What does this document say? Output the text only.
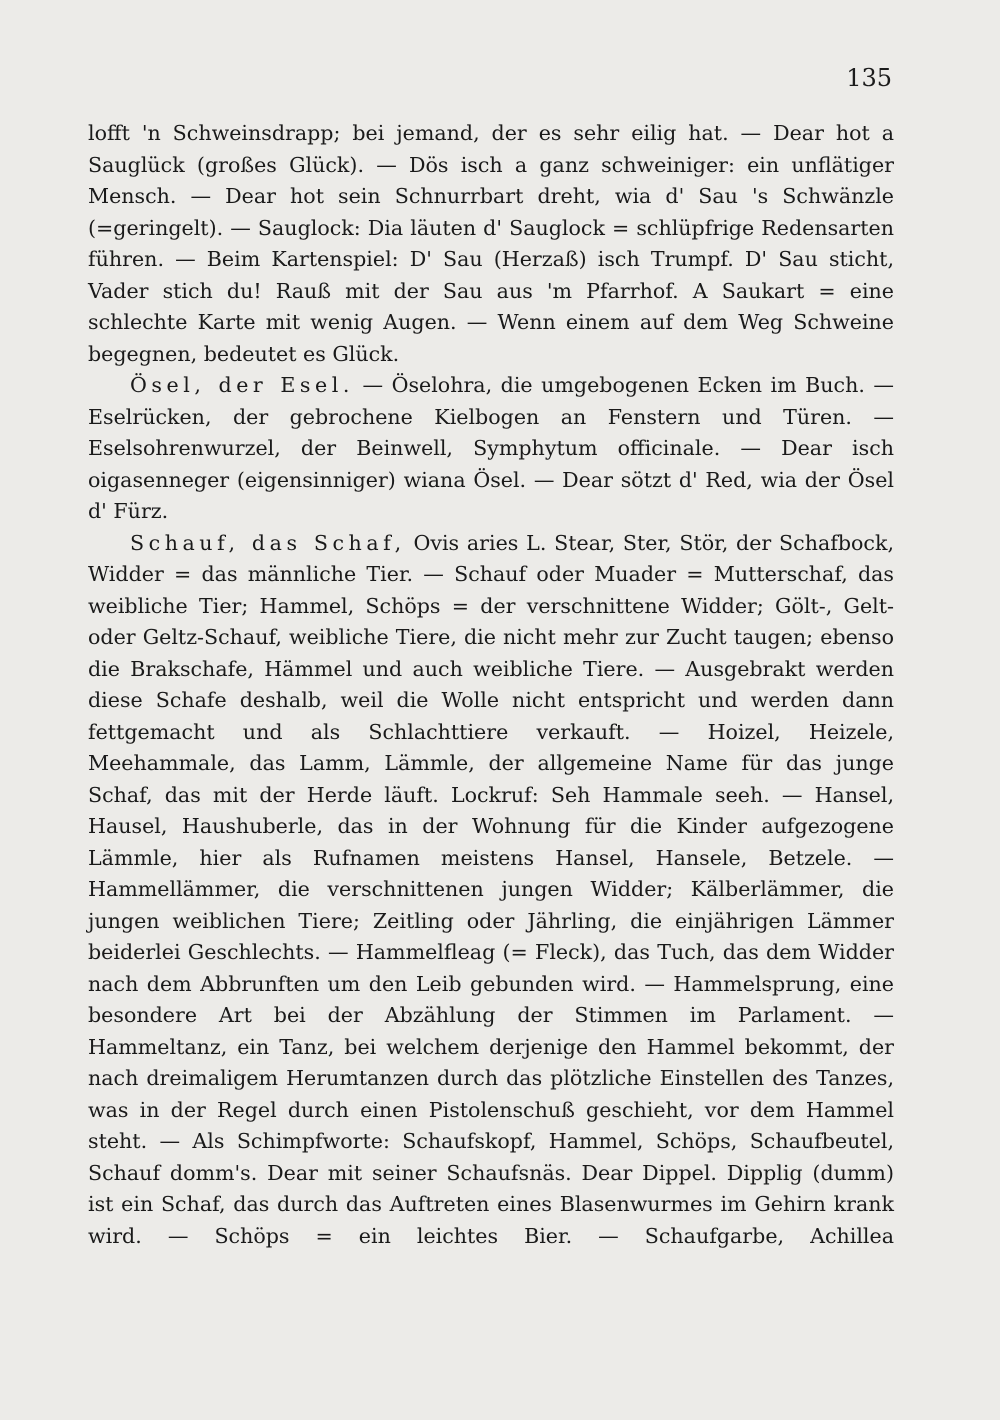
135

lofft 'n Schweinsdrapp; bei jemand, der es sehr eilig hat. — Dear hot a Sauglück (großes Glück). — Dös isch a ganz schweiniger: ein unflätiger Mensch. — Dear hot sein Schnurrbart dreht, wia d' Sau 's Schwänzle (=geringelt). — Sauglock: Dia läuten d' Sauglock = schlüpfrige Redensarten führen. — Beim Kartenspiel: D' Sau (Herzaß) isch Trumpf. D' Sau sticht, Vader stich du! Rauß mit der Sau aus 'm Pfarrhof. A Saukart = eine schlechte Karte mit wenig Augen. — Wenn einem auf dem Weg Schweine begegnen, bedeutet es Glück.

Ösel, der Esel. — Öselohra, die umgebogenen Ecken im Buch. — Eselrücken, der gebrochene Kielbogen an Fenstern und Türen. — Eselsohrenwurzel, der Beinwell, Symphytum officinale. — Dear isch oigasenneger (eigensinniger) wiana Ösel. — Dear sötzt d' Red, wia der Ösel d' Fürz.

Schauf, das Schaf, Ovis aries L. Stear, Ster, Stör, der Schafbock, Widder = das männliche Tier. — Schauf oder Muader = Mutterschaf, das weibliche Tier; Hammel, Schöps = der verschnittene Widder; Gölt-, Gelt- oder Geltz-Schauf, weibliche Tiere, die nicht mehr zur Zucht taugen; ebenso die Brakschafe, Hämmel und auch weibliche Tiere. — Ausgebrakt werden diese Schafe deshalb, weil die Wolle nicht entspricht und werden dann fettgemacht und als Schlachttiere verkauft. — Hoizel, Heizele, Meehammale, das Lamm, Lämmle, der allgemeine Name für das junge Schaf, das mit der Herde läuft. Lockruf: Seh Hammale seeh. — Hansel, Hausel, Haushuberle, das in der Wohnung für die Kinder aufgezogene Lämmle, hier als Rufnamen meistens Hansel, Hansele, Betzele. — Hammellämmer, die verschnittenen jungen Widder; Kälberlämmer, die jungen weiblichen Tiere; Zeitling oder Jährling, die einjährigen Lämmer beiderlei Geschlechts. — Hammelfleag (= Fleck), das Tuch, das dem Widder nach dem Abbrunften um den Leib gebunden wird. — Hammelsprung, eine besondere Art bei der Abzählung der Stimmen im Parlament. — Hammeltanz, ein Tanz, bei welchem derjenige den Hammel bekommt, der nach dreimaligem Herumtanzen durch das plötzliche Einstellen des Tanzes, was in der Regel durch einen Pistolenschuß geschieht, vor dem Hammel steht. — Als Schimpfworte: Schaufskopf, Hammel, Schöps, Schaufbeutel, Schauf domm's. Dear mit seiner Schaufsnäs. Dear Dippel. Dipplig (dumm) ist ein Schaf, das durch das Auftreten eines Blasenwurmes im Gehirn krank wird. — Schöps = ein leichtes Bier. — Schaufgarbe, Achillea
